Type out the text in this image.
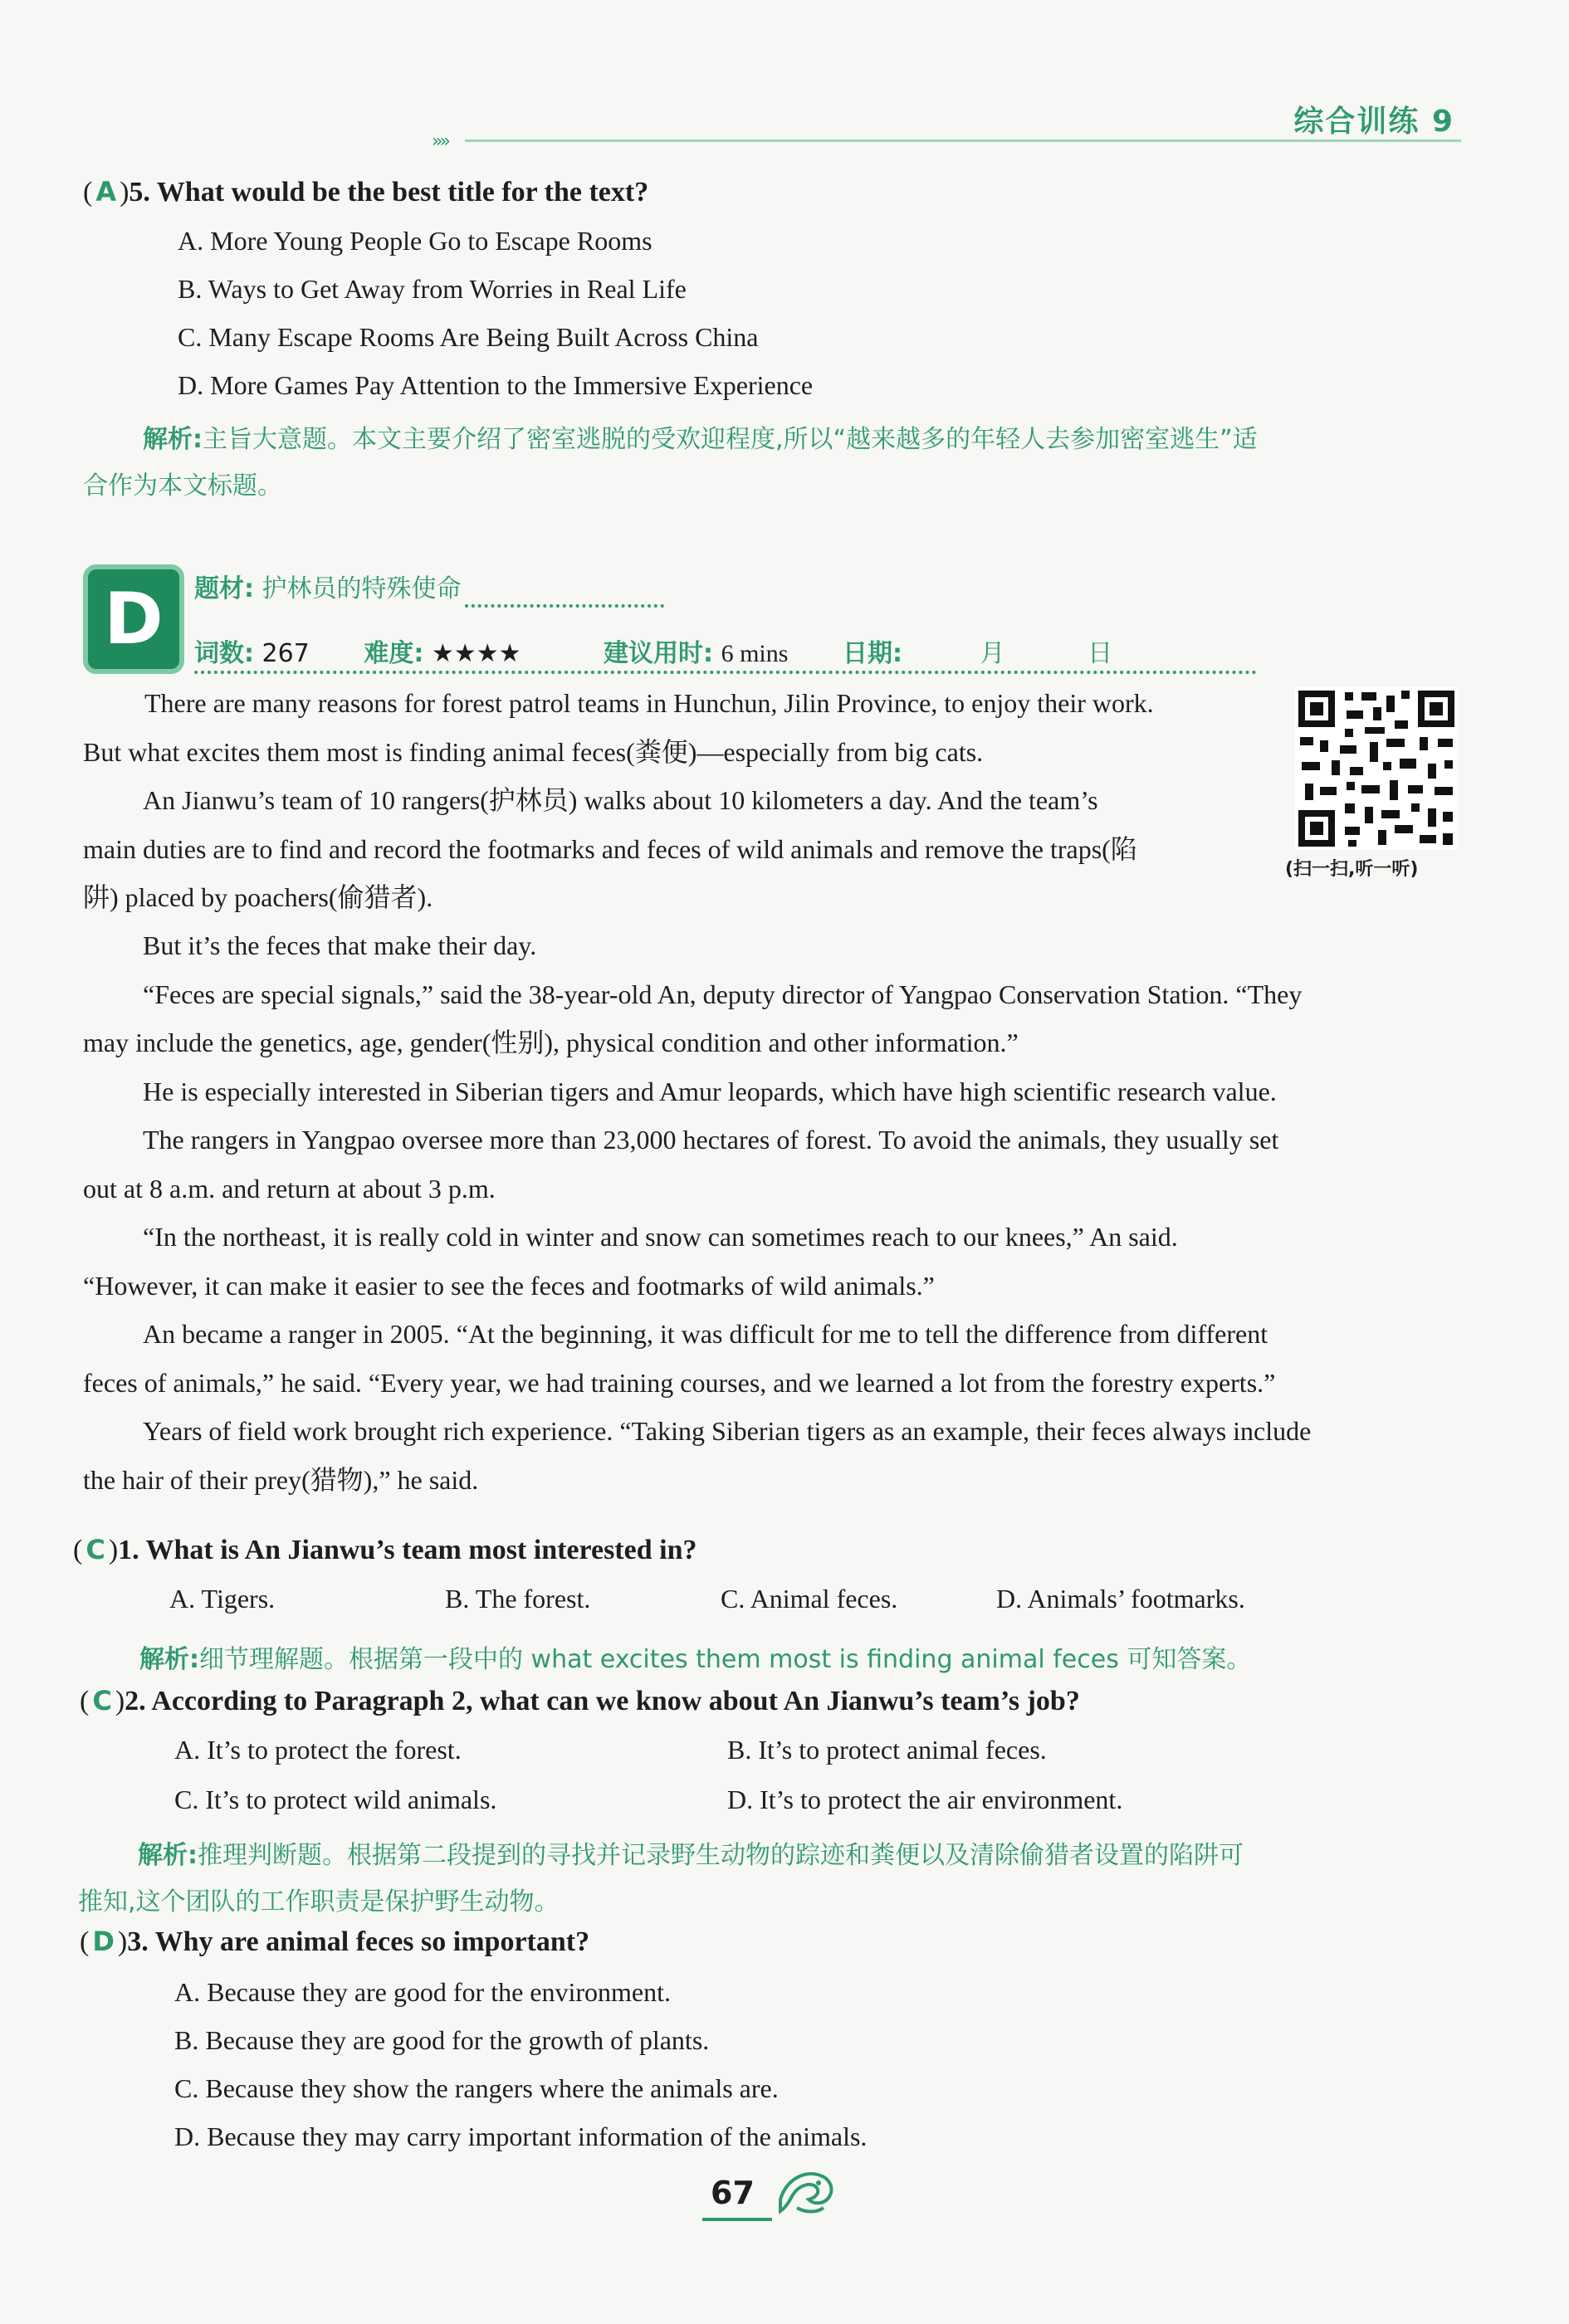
综合训练 9
»»
( A )5. What would be the best title for the text?
A. More Young People Go to Escape Rooms
B. Ways to Get Away from Worries in Real Life
C. Many Escape Rooms Are Being Built Across China
D. More Games Pay Attention to the Immersive Experience
解析:主旨大意题。本文主要介绍了密室逃脱的受欢迎程度,所以“越来越多的年轻人去参加密室逃生”适
合作为本文标题。
D	题材: 护林员的特殊使命
词数: 267 难度: ★★★★	建议用时: 6 mins 日期:	月	日
(扫一扫,听一听)

There are many reasons for forest patrol teams in Hunchun, Jilin Province, to enjoy their work.

But what excites them most is finding animal feces(粪便)—especially from big cats.

An Jianwu’s team of 10 rangers(护林员) walks about 10 kilometers a day. And the team’s

main duties are to find and record the footmarks and feces of wild animals and remove the traps(陷

阱) placed by poachers(偷猎者).

But it’s the feces that make their day.

“Feces are special signals,” said the 38-year-old An, deputy director of Yangpao Conservation Station. “They

may include the genetics, age, gender(性别), physical condition and other information.”

He is especially interested in Siberian tigers and Amur leopards, which have high scientific research value.

The rangers in Yangpao oversee more than 23,000 hectares of forest. To avoid the animals, they usually set

out at 8 a.m. and return at about 3 p.m.

“In the northeast, it is really cold in winter and snow can sometimes reach to our knees,” An said.

“However, it can make it easier to see the feces and footmarks of wild animals.”

An became a ranger in 2005. “At the beginning, it was difficult for me to tell the difference from different

feces of animals,” he said. “Every year, we had training courses, and we learned a lot from the forestry experts.”

Years of field work brought rich experience. “Taking Siberian tigers as an example, their feces always include

the hair of their prey(猎物),” he said.

( C )1. What is An Jianwu’s team most interested in?
A. Tigers.	B. The forest.	C. Animal feces.	D. Animals’ footmarks.
解析:细节理解题。根据第一段中的 what excites them most is finding animal feces 可知答案。
( C )2. According to Paragraph 2, what can we know about An Jianwu’s team’s job?
A. It’s to protect the forest.	B. It’s to protect animal feces.
C. It’s to protect wild animals.	D. It’s to protect the air environment.
解析:推理判断题。根据第二段提到的寻找并记录野生动物的踪迹和粪便以及清除偷猎者设置的陷阱可
推知,这个团队的工作职责是保护野生动物。
( D )3. Why are animal feces so important?
A. Because they are good for the environment.
B. Because they are good for the growth of plants.
C. Because they show the rangers where the animals are.
D. Because they may carry important information of the animals.
67
